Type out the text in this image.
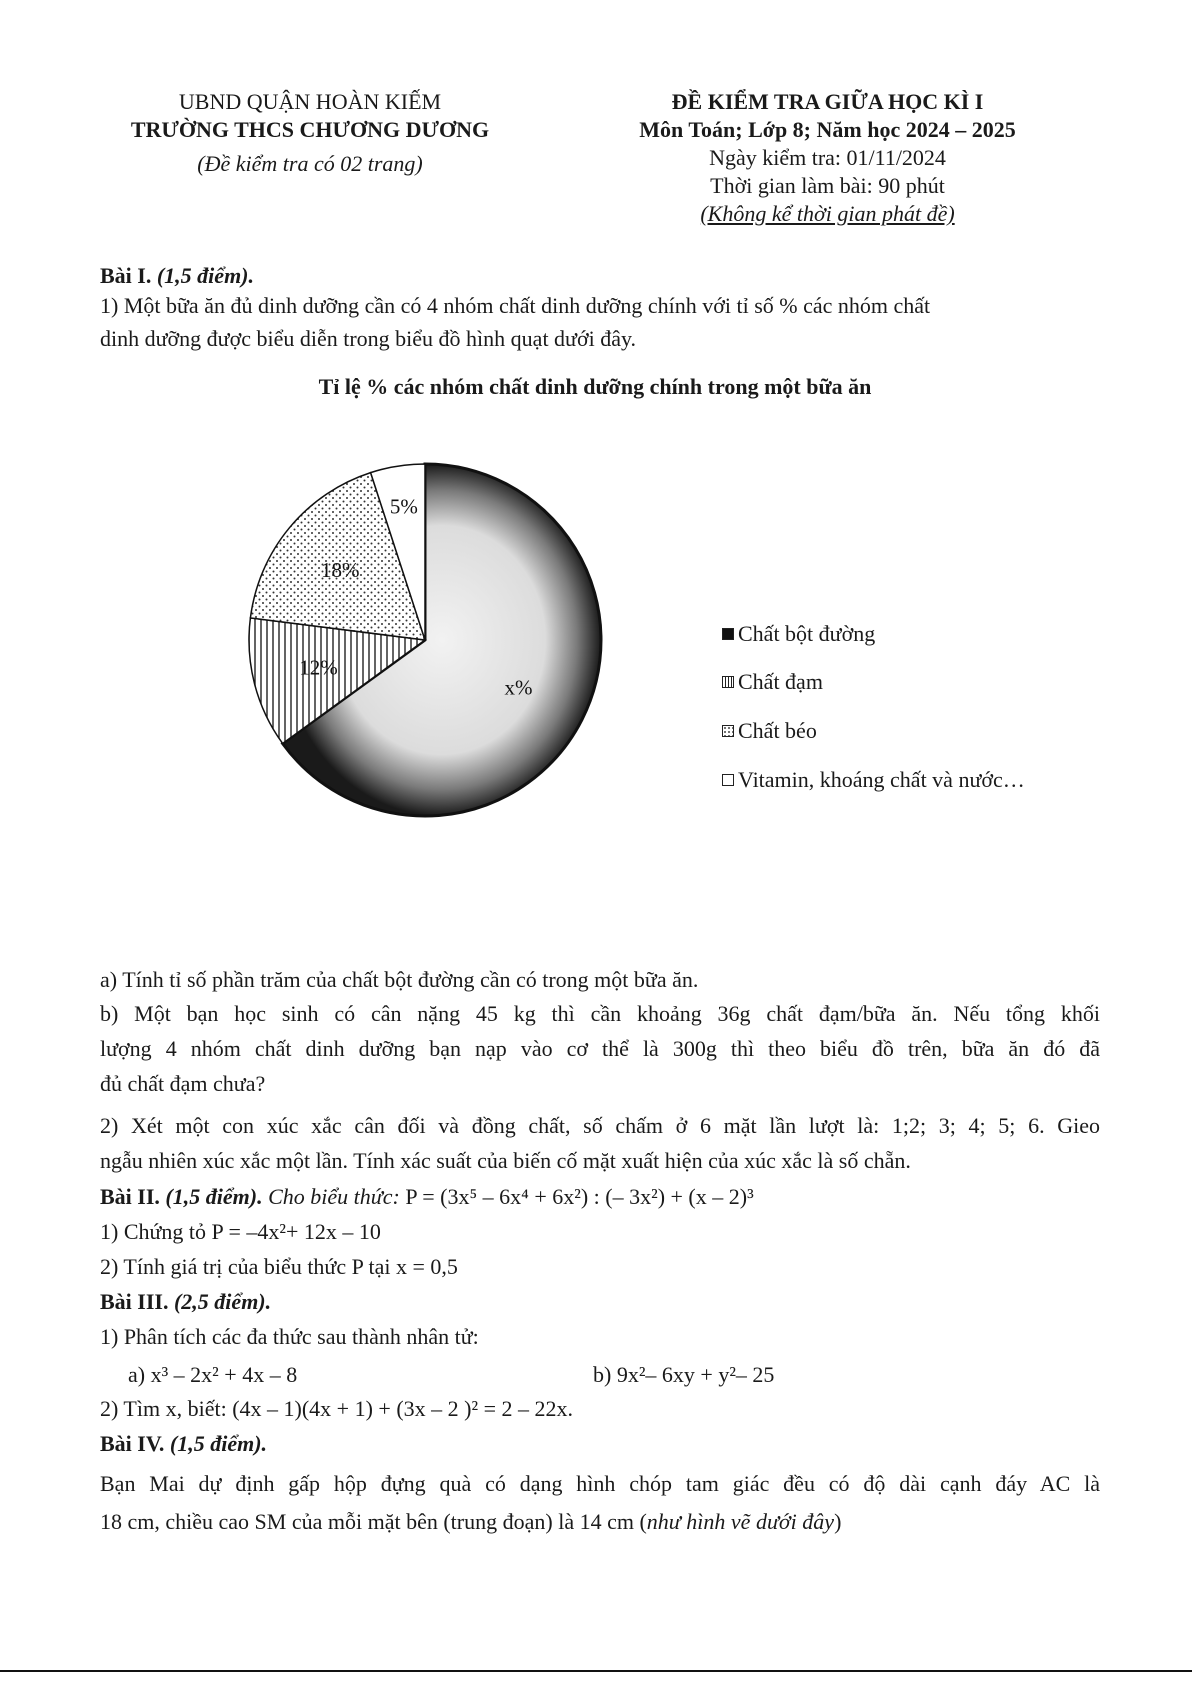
UBND QUẬN HOÀN KIẾM
TRƯỜNG THCS CHƯƠNG DƯƠNG
(Đề kiểm tra có 02 trang)
ĐỀ KIỂM TRA GIỮA HỌC KÌ I
Môn Toán; Lớp 8; Năm học 2024 – 2025
Ngày kiểm tra: 01/11/2024
Thời gian làm bài: 90 phút
(Không kể thời gian phát đề)
Bài I. (1,5 điểm).
1) Một bữa ăn đủ dinh dưỡng cần có 4 nhóm chất dinh dưỡng chính với tỉ số % các nhóm chất
dinh dưỡng được biểu diễn trong biểu đồ hình quạt dưới đây.
Tỉ lệ % các nhóm chất dinh dưỡng chính trong một bữa ăn
x%
12%
18%
5%
Chất bột đường
Chất đạm
Chất béo
Vitamin, khoáng chất và nước…
a) Tính tỉ số phần trăm của chất bột đường cần có trong một bữa ăn.
b) Một bạn học sinh có cân nặng 45 kg thì cần khoảng 36g chất đạm/bữa ăn. Nếu tổng khối
lượng 4 nhóm chất dinh dưỡng bạn nạp vào cơ thể là 300g thì theo biểu đồ trên, bữa ăn đó đã
đủ chất đạm chưa?
2) Xét một con xúc xắc cân đối và đồng chất, số chấm ở 6 mặt lần lượt là: 1;2; 3; 4; 5; 6. Gieo
ngẫu nhiên xúc xắc một lần. Tính xác suất của biến cố mặt xuất hiện của xúc xắc là số chẵn.
Bài II. (1,5 điểm). Cho biểu thức: P = (3x⁵ – 6x⁴ + 6x²) : (– 3x²) + (x – 2)³
1) Chứng tỏ P = –4x²+ 12x – 10
2) Tính giá trị của biểu thức P tại x = 0,5
Bài III. (2,5 điểm).
1) Phân tích các đa thức sau thành nhân tử:
a) x³ – 2x² + 4x – 8	b) 9x²– 6xy + y²– 25
2) Tìm x, biết: (4x – 1)(4x + 1) + (3x – 2 )² = 2 – 22x.
Bài IV. (1,5 điểm).
Bạn Mai dự định gấp hộp đựng quà có dạng hình chóp tam giác đều có độ dài cạnh đáy AC là
18 cm, chiều cao SM của mỗi mặt bên (trung đoạn) là 14 cm (như hình vẽ dưới đây)
